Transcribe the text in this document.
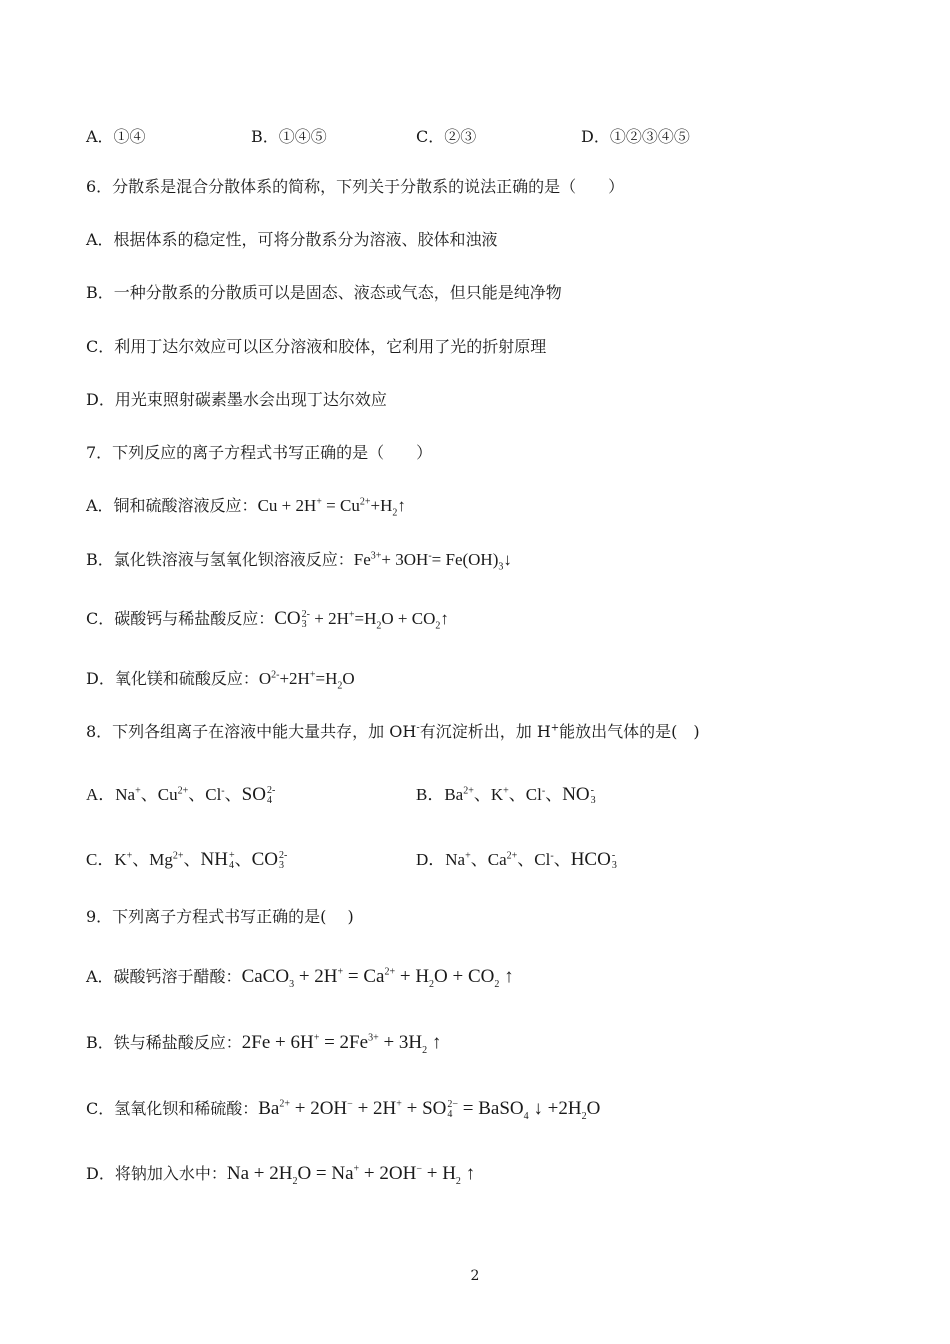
A．①④	B．①④⑤	C．②③	D．①②③④⑤
6．分散系是混合分散体系的简称，下列关于分散系的说法正确的是（　　）
A．根据体系的稳定性，可将分散系分为溶液、胶体和浊液
B．一种分散系的分散质可以是固态、液态或气态，但只能是纯净物
C．利用丁达尔效应可以区分溶液和胶体，它利用了光的折射原理
D．用光束照射碳素墨水会出现丁达尔效应
7．下列反应的离子方程式书写正确的是（　　）
A．铜和硫酸溶液反应：$Cu + 2H^+ = Cu^{2+}+H_2↑$
B．氯化铁溶液与氢氧化钡溶液反应：$Fe^{3+}+ 3OH^-=$ $Fe(OH)_3↓$
C．碳酸钙与稀盐酸反应：CO 2-
$3 + 2H^+=H_2O$ + $CO_2↑$
D．氧化镁和硫酸反应：$O^{2-}+2H^+=H_2O$
8．下列各组离子在溶液中能大量共存，加 OH-有沉淀析出，加 H+能放出气体的是(　)
A．Na+、$Cu^{2+}$、Cl-、SO 2-
4	B．$Ba^{2+}$、K+、Cl-、NO -
3
C．K+、$Mg^{2+}$、NH +
4 、CO 2-
3	D．Na+、$Ca^{2+}$、Cl-、HCO -
3
9．下列离子方程式书写正确的是(　 )
A．碳酸钙溶于醋酸：CaCO$_3$ + $2H^+ = Ca^{2+} + H_2O + CO_2$ ↑
B．铁与稀盐酸反应：$2Fe + 6H^+ = 2Fe^{3+} + 3H_2$ ↑
C．氢氧化钡和稀硫酸：$Ba^{2+} + 2OH^- + 2H^+$ + SO 2−
4 = BaSO$_4$ ↓ $+2H_2O$
D．将钠加入水中：$Na + 2H_2O = Na^+ + 2OH^- + H_2$ ↑
2
